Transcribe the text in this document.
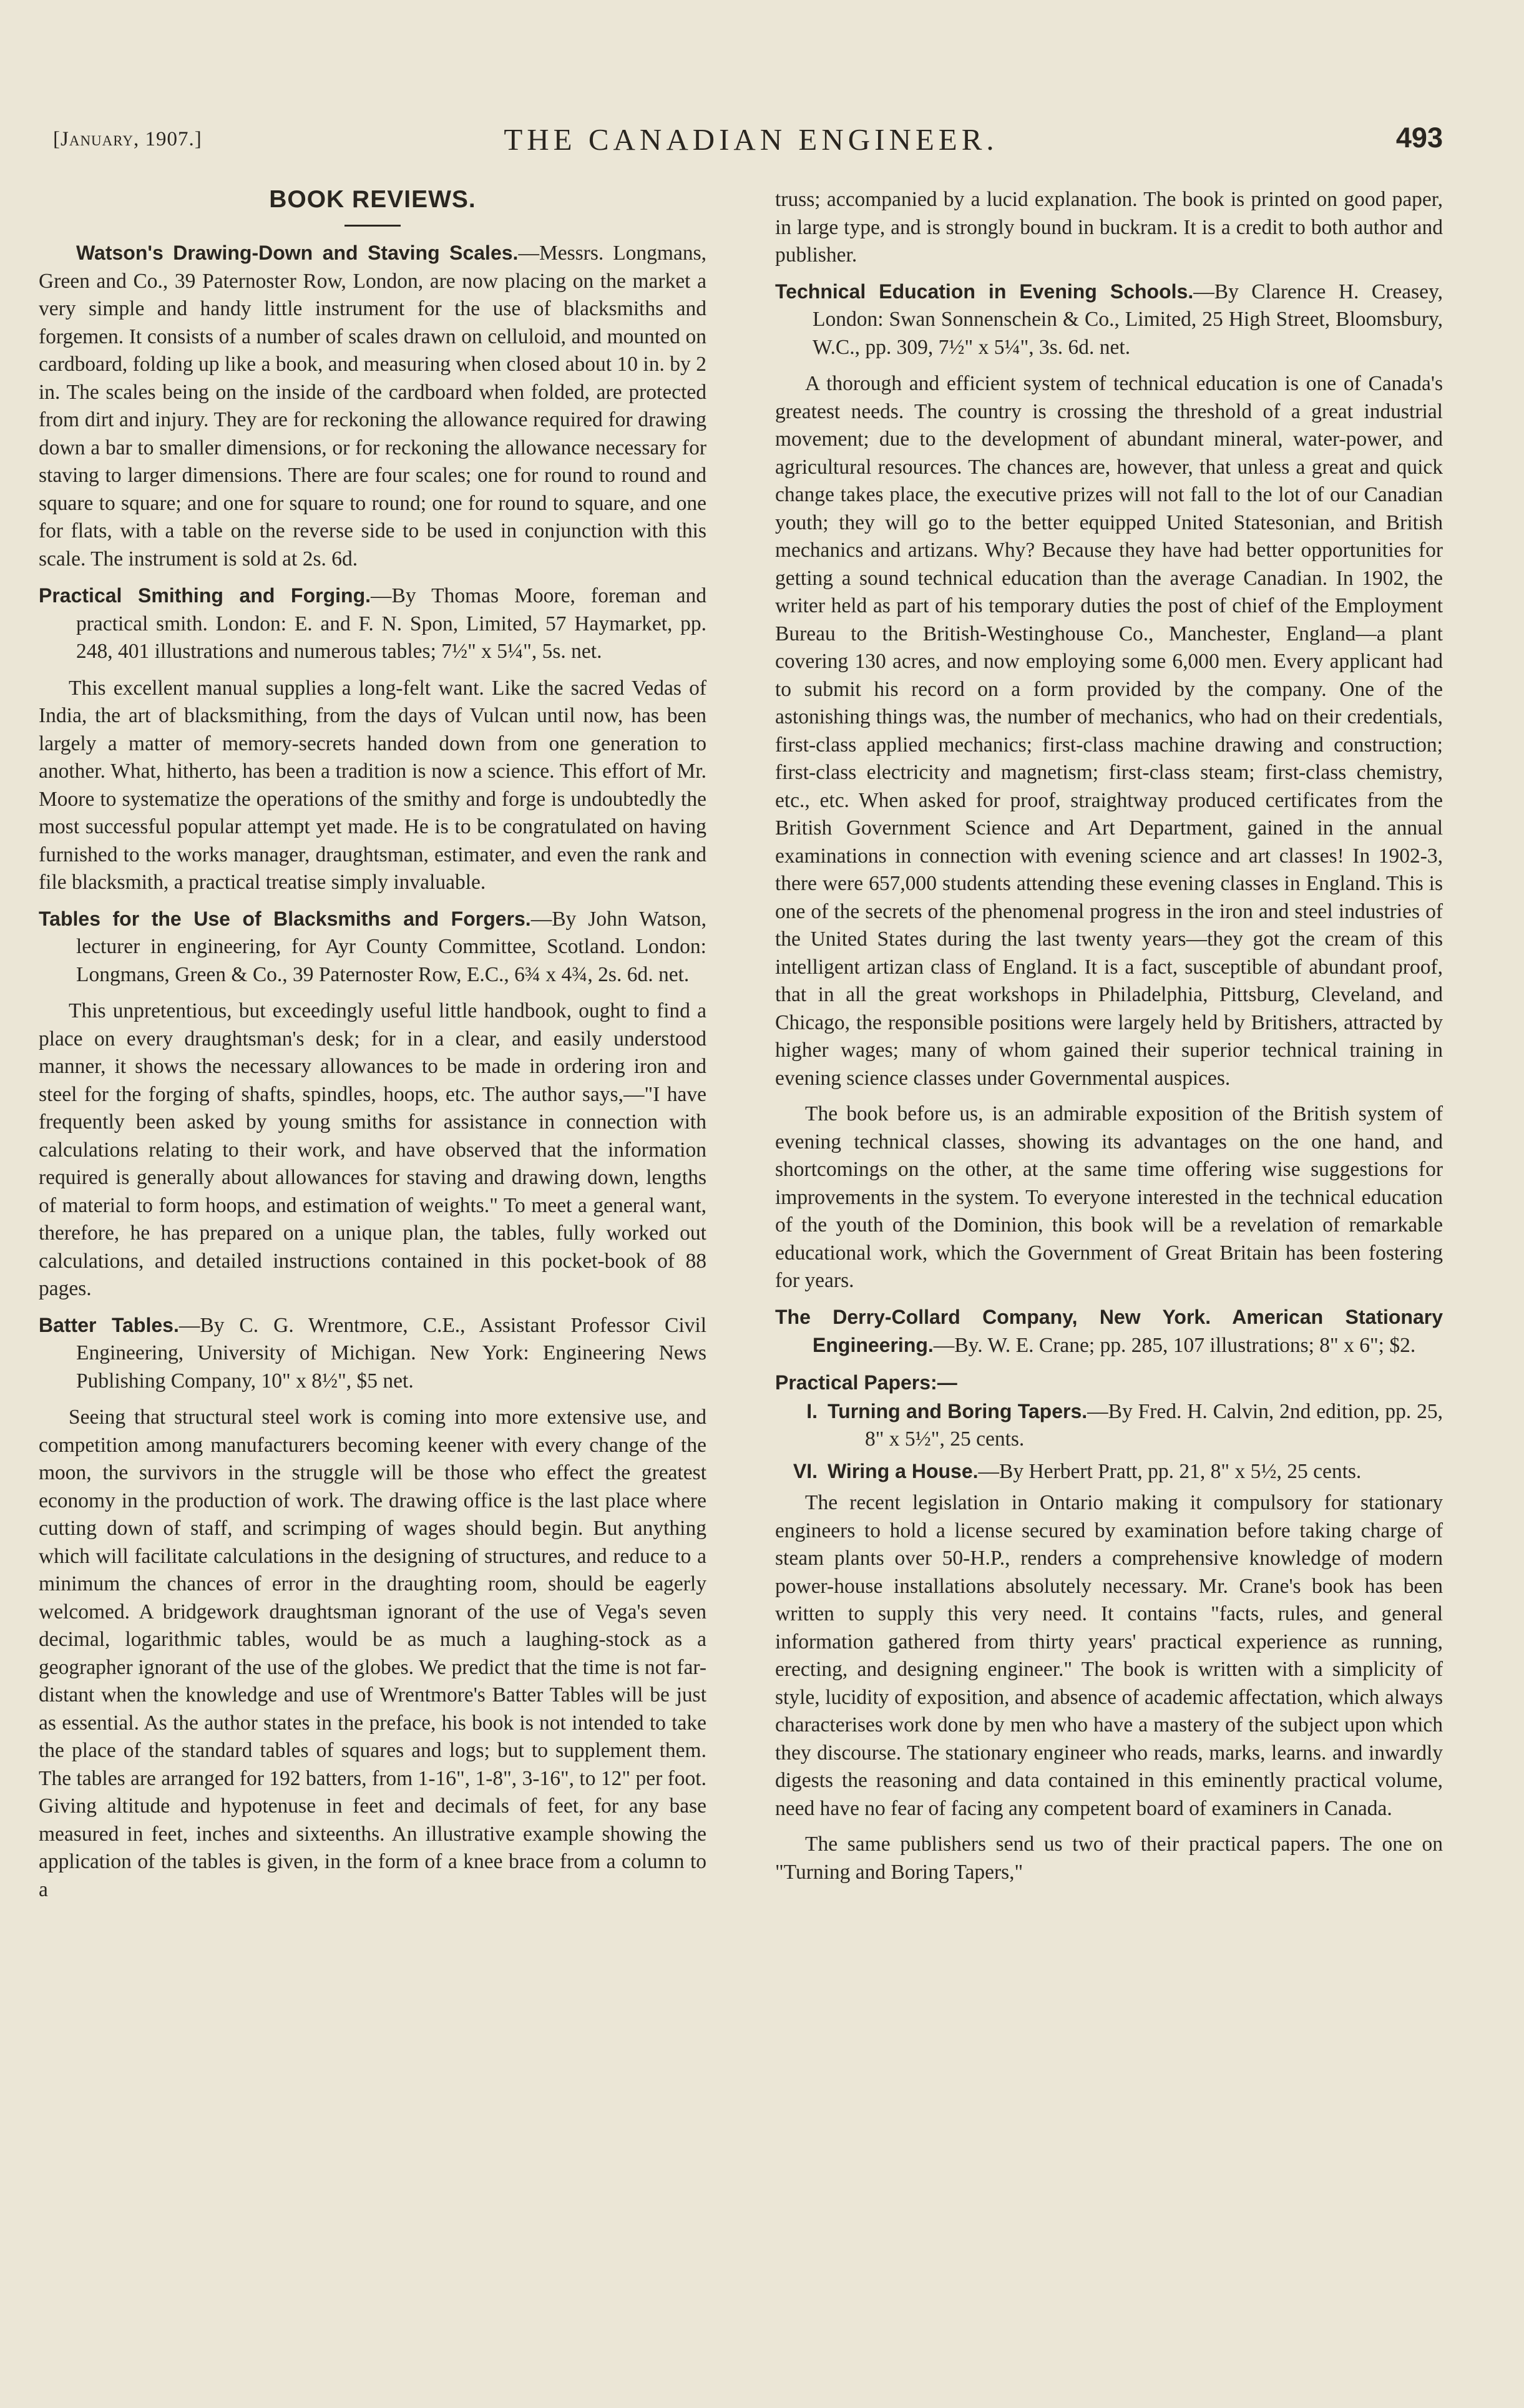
[January, 1907.]	THE CANADIAN ENGINEER.	493
BOOK REVIEWS.
Watson's Drawing-Down and Staving Scales.—Messrs. Longmans, Green and Co., 39 Paternoster Row, London, are now placing on the market a very simple and handy little instrument for the use of blacksmiths and forgemen. It consists of a number of scales drawn on celluloid, and mounted on cardboard, folding up like a book, and measuring when closed about 10 in. by 2 in. The scales being on the inside of the cardboard when folded, are protected from dirt and injury. They are for reckoning the allowance required for drawing down a bar to smaller dimensions, or for reckoning the allowance necessary for staving to larger dimensions. There are four scales; one for round to round and square to square; and one for square to round; one for round to square, and one for flats, with a table on the reverse side to be used in conjunction with this scale. The instrument is sold at 2s. 6d.
Practical Smithing and Forging.—By Thomas Moore, foreman and practical smith. London: E. and F. N. Spon, Limited, 57 Haymarket, pp. 248, 401 illustrations and numerous tables; 7½" x 5¼", 5s. net.

This excellent manual supplies a long-felt want. Like the sacred Vedas of India, the art of blacksmithing, from the days of Vulcan until now, has been largely a matter of memory-secrets handed down from one generation to another. What, hitherto, has been a tradition is now a science. This effort of Mr. Moore to systematize the operations of the smithy and forge is undoubtedly the most successful popular attempt yet made. He is to be congratulated on having furnished to the works manager, draughtsman, estimater, and even the rank and file blacksmith, a practical treatise simply invaluable.

Tables for the Use of Blacksmiths and Forgers.—By John Watson, lecturer in engineering, for Ayr County Committee, Scotland. London: Longmans, Green & Co., 39 Paternoster Row, E.C., 6¾ x 4¾, 2s. 6d. net.

This unpretentious, but exceedingly useful little handbook, ought to find a place on every draughtsman's desk; for in a clear, and easily understood manner, it shows the necessary allowances to be made in ordering iron and steel for the forging of shafts, spindles, hoops, etc. The author says,—"I have frequently been asked by young smiths for assistance in connection with calculations relating to their work, and have observed that the information required is generally about allowances for staving and drawing down, lengths of material to form hoops, and estimation of weights." To meet a general want, therefore, he has prepared on a unique plan, the tables, fully worked out calculations, and detailed instructions contained in this pocket-book of 88 pages.

Batter Tables.—By C. G. Wrentmore, C.E., Assistant Professor Civil Engineering, University of Michigan. New York: Engineering News Publishing Company, 10" x 8½", $5 net.

Seeing that structural steel work is coming into more extensive use, and competition among manufacturers becoming keener with every change of the moon, the survivors in the struggle will be those who effect the greatest economy in the production of work. The drawing office is the last place where cutting down of staff, and scrimping of wages should begin. But anything which will facilitate calculations in the designing of structures, and reduce to a minimum the chances of error in the draughting room, should be eagerly welcomed. A bridgework draughtsman ignorant of the use of Vega's seven decimal, logarithmic tables, would be as much a laughing-stock as a geographer ignorant of the use of the globes. We predict that the time is not far-distant when the knowledge and use of Wrentmore's Batter Tables will be just as essential. As the author states in the preface, his book is not intended to take the place of the standard tables of squares and logs; but to supplement them. The tables are arranged for 192 batters, from 1-16", 1-8", 3-16", to 12" per foot. Giving altitude and hypotenuse in feet and decimals of feet, for any base measured in feet, inches and sixteenths. An illustrative example showing the application of the tables is given, in the form of a knee brace from a column to a

truss; accompanied by a lucid explanation. The book is printed on good paper, in large type, and is strongly bound in buckram. It is a credit to both author and publisher.

Technical Education in Evening Schools.—By Clarence H. Creasey, London: Swan Sonnenschein & Co., Limited, 25 High Street, Bloomsbury, W.C., pp. 309, 7½" x 5¼", 3s. 6d. net.

A thorough and efficient system of technical education is one of Canada's greatest needs. The country is crossing the threshold of a great industrial movement; due to the development of abundant mineral, water-power, and agricultural resources. The chances are, however, that unless a great and quick change takes place, the executive prizes will not fall to the lot of our Canadian youth; they will go to the better equipped United Statesonian, and British mechanics and artizans. Why? Because they have had better opportunities for getting a sound technical education than the average Canadian. In 1902, the writer held as part of his temporary duties the post of chief of the Employment Bureau to the British-Westinghouse Co., Manchester, England—a plant covering 130 acres, and now employing some 6,000 men. Every applicant had to submit his record on a form provided by the company. One of the astonishing things was, the number of mechanics, who had on their credentials, first-class applied mechanics; first-class machine drawing and construction; first-class electricity and magnetism; first-class steam; first-class chemistry, etc., etc. When asked for proof, straightway produced certificates from the British Government Science and Art Department, gained in the annual examinations in connection with evening science and art classes! In 1902-3, there were 657,000 students attending these evening classes in England. This is one of the secrets of the phenomenal progress in the iron and steel industries of the United States during the last twenty years—they got the cream of this intelligent artizan class of England. It is a fact, susceptible of abundant proof, that in all the great workshops in Philadelphia, Pittsburg, Cleveland, and Chicago, the responsible positions were largely held by Britishers, attracted by higher wages; many of whom gained their superior technical training in evening science classes under Governmental auspices.

The book before us, is an admirable exposition of the British system of evening technical classes, showing its advantages on the one hand, and shortcomings on the other, at the same time offering wise suggestions for improvements in the system. To everyone interested in the technical education of the youth of the Dominion, this book will be a revelation of remarkable educational work, which the Government of Great Britain has been fostering for years.

The Derry-Collard Company, New York. American Stationary Engineering.—By. W. E. Crane; pp. 285, 107 illustrations; 8" x 6"; $2.
Practical Papers:—
I. Turning and Boring Tapers.—By Fred. H. Calvin, 2nd edition, pp. 25, 8" x 5½", 25 cents.
VI. Wiring a House.—By Herbert Pratt, pp. 21, 8" x 5½, 25 cents.

The recent legislation in Ontario making it compulsory for stationary engineers to hold a license secured by examination before taking charge of steam plants over 50-H.P., renders a comprehensive knowledge of modern power-house installations absolutely necessary. Mr. Crane's book has been written to supply this very need. It contains "facts, rules, and general information gathered from thirty years' practical experience as running, erecting, and designing engineer." The book is written with a simplicity of style, lucidity of exposition, and absence of academic affectation, which always characterises work done by men who have a mastery of the subject upon which they discourse. The stationary engineer who reads, marks, learns. and inwardly digests the reasoning and data contained in this eminently practical volume, need have no fear of facing any competent board of examiners in Canada.

The same publishers send us two of their practical papers. The one on "Turning and Boring Tapers,"
